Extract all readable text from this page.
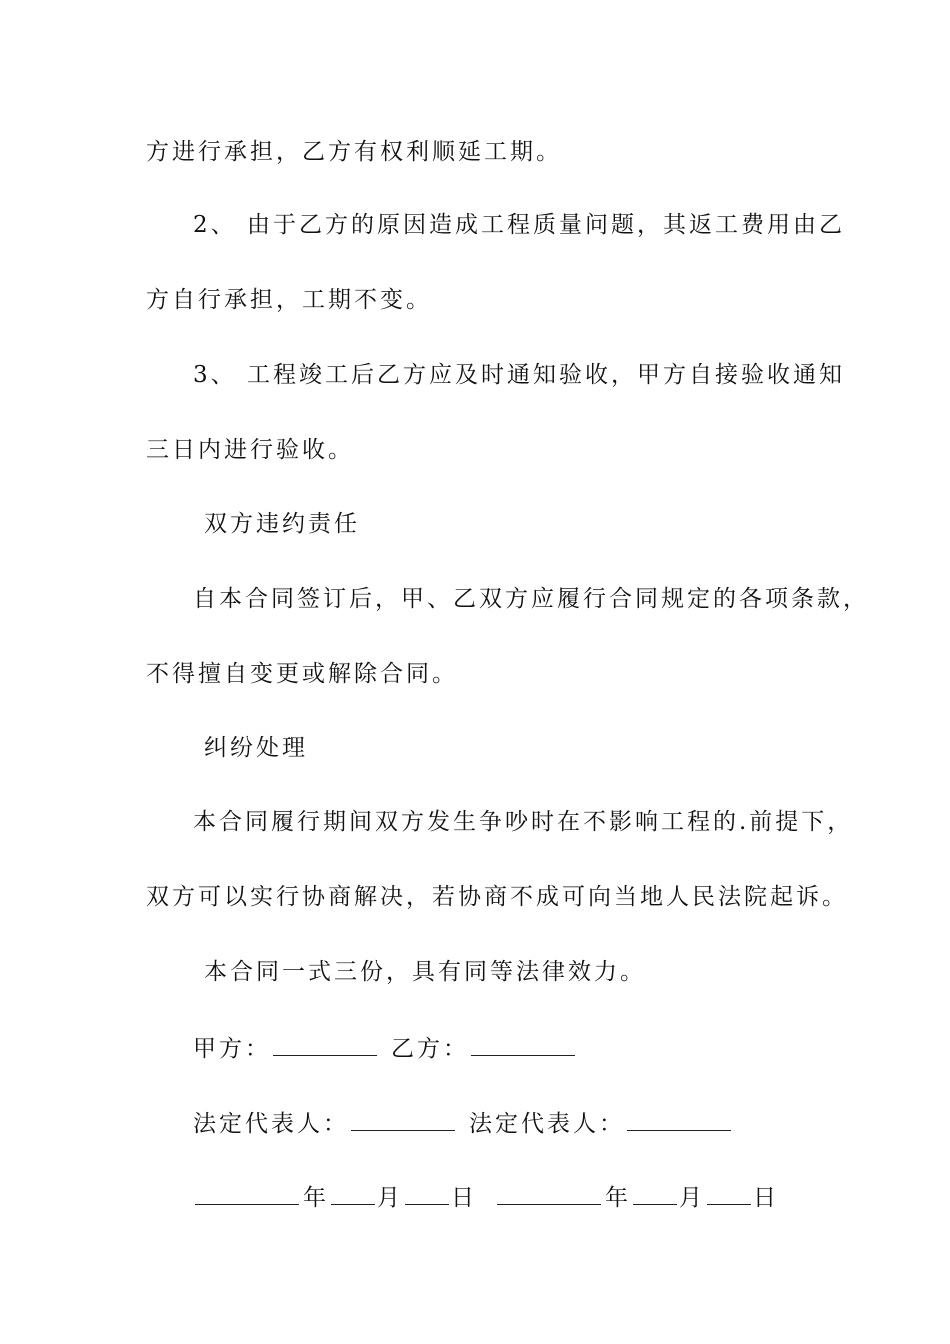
方进行承担，乙方有权利顺延工期。
2、 由于乙方的原因造成工程质量问题，其返工费用由乙
方自行承担，工期不变。
3、 工程竣工后乙方应及时通知验收，甲方自接验收通知
三日内进行验收。
双方违约责任
自本合同签订后，甲、乙双方应履行合同规定的各项条款，
不得擅自变更或解除合同。
纠纷处理
本合同履行期间双方发生争吵时在不影响工程的.前提下，
双方可以实行协商解决，若协商不成可向当地人民法院起诉。
本合同一式三份，具有同等法律效力。
甲方：	乙方：
法定代表人：	法定代表人：
年 月 日	年 月 日
